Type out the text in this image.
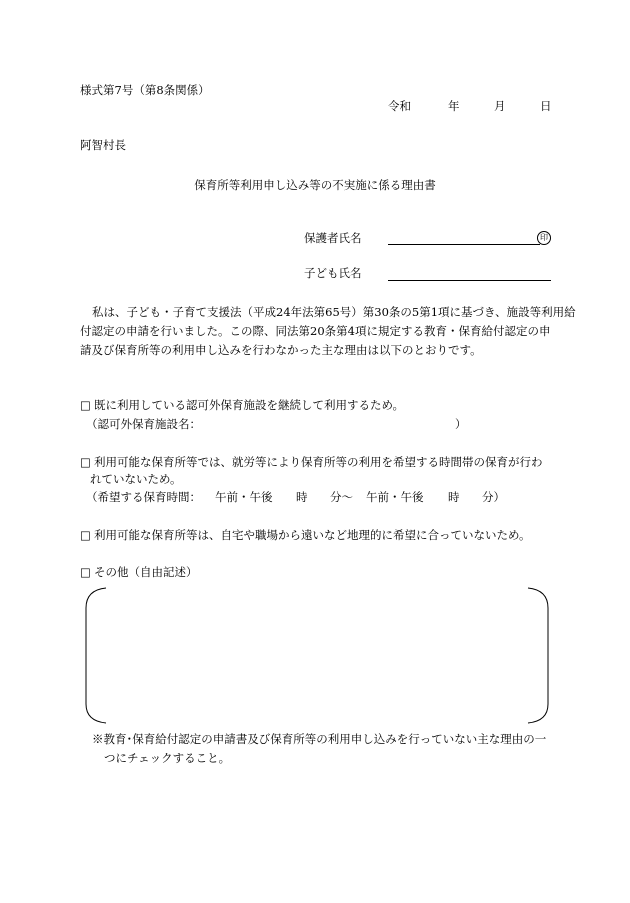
様式第7号（第8条関係）
令和	年	月	日
阿智村長
保育所等利用申し込み等の不実施に係る理由書
保護者氏名	印
子ども氏名
私は、子ども・子育て支援法（平成24年法第65号）第30条の5第1項に基づき、施設等利用給
付認定の申請を行いました。この際、同法第20条第4項に規定する教育・保育給付認定の申
請及び保育所等の利用申し込みを行わなかった主な理由は以下のとおりです。
□ 既に利用している認可外保育施設を継続して利用するため。
（認可外保育施設名：	）
□ 利用可能な保育所等では、就労等により保育所等の利用を希望する時間帯の保育が行わ
れていないため。
（希望する保育時間： 午前・午後 時 分～ 午前・午後 時 分）
□ 利用可能な保育所等は、自宅や職場から遠いなど地理的に希望に合っていないため。
□ その他（自由記述）
※教育･保育給付認定の申請書及び保育所等の利用申し込みを行っていない主な理由の一
つにチェックすること。
